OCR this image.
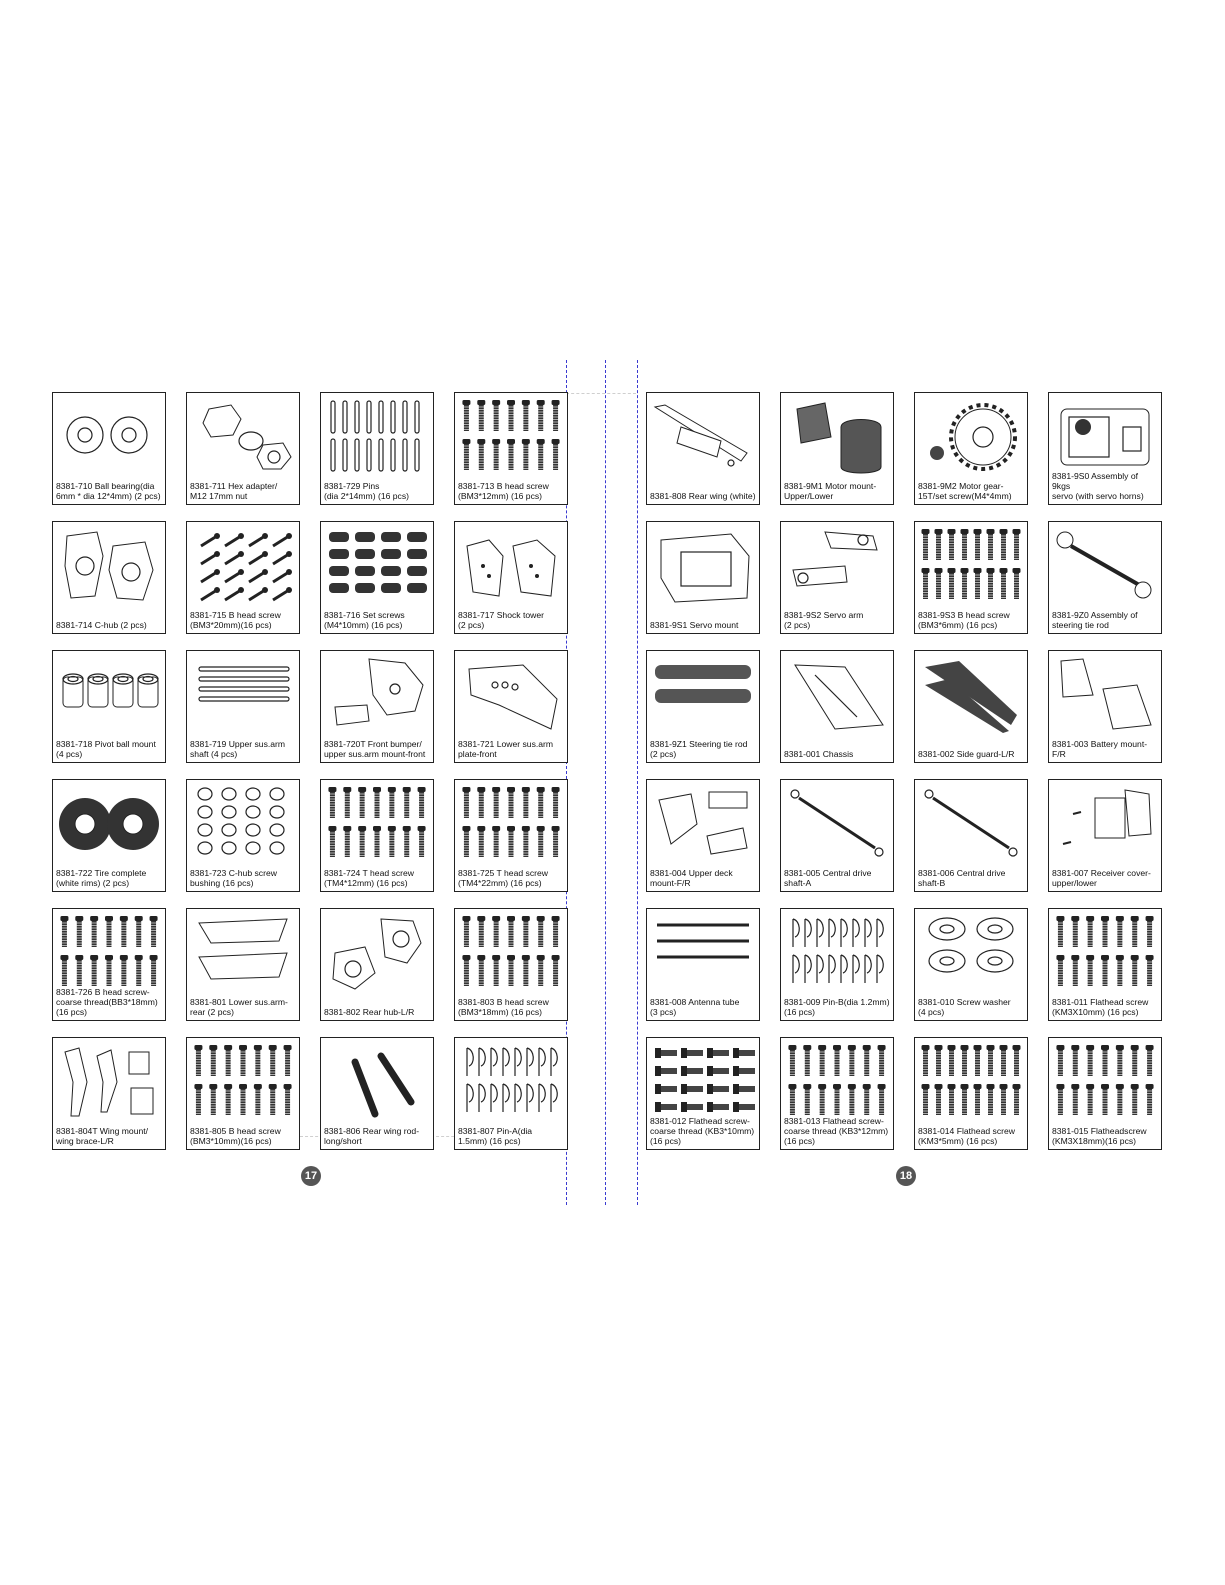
8381-710 Ball bearing(dia
6mm * dia 12*4mm) (2 pcs)
8381-711 Hex adapter/
M12 17mm nut
8381-729 Pins
(dia 2*14mm) (16 pcs)
8381-713 B head screw
(BM3*12mm) (16 pcs)
8381-714 C-hub (2 pcs)
8381-715 B head screw
(BM3*20mm)(16 pcs)
8381-716 Set screws
(M4*10mm) (16 pcs)
8381-717 Shock tower
(2 pcs)
8381-718 Pivot ball mount
(4 pcs)
8381-719 Upper sus.arm
shaft (4 pcs)
8381-720T Front bumper/
upper sus.arm mount-front
8381-721 Lower sus.arm
plate-front
8381-722 Tire complete
(white rims) (2 pcs)
8381-723 C-hub screw
bushing (16 pcs)
8381-724 T head screw
(TM4*12mm) (16 pcs)
8381-725 T head screw
(TM4*22mm) (16 pcs)
8381-726 B head screw-
coarse thread(BB3*18mm)
(16 pcs)
8381-801 Lower sus.arm-
rear (2 pcs)	8381-802 Rear hub-L/R
8381-803 B head screw
(BM3*18mm) (16 pcs)
8381-804T Wing mount/
wing brace-L/R
8381-805 B head screw
(BM3*10mm)(16 pcs)
8381-806 Rear wing rod-
long/short
8381-807 Pin-A(dia
1.5mm) (16 pcs)
8381-808 Rear wing (white)
8381-9M1 Motor mount-
Upper/Lower
8381-9M2 Motor gear-
15T/set screw(M4*4mm)
8381-9S0 Assembly of 9kgs
servo (with servo horns)
8381-9S1 Servo mount
8381-9S2 Servo arm
(2 pcs)
8381-9S3 B head screw
(BM3*6mm) (16 pcs)
8381-9Z0 Assembly of
steering tie rod
8381-9Z1 Steering tie rod
(2 pcs)	8381-001 Chassis	8381-002 Side guard-L/R
8381-003 Battery mount-
F/R
8381-004 Upper deck
mount-F/R
8381-005 Central drive
shaft-A
8381-006 Central drive
shaft-B
8381-007 Receiver cover-
upper/lower
8381-008 Antenna tube
(3 pcs)
8381-009 Pin-B(dia 1.2mm)
(16 pcs)
8381-010 Screw washer
(4 pcs)
8381-011 Flathead screw
(KM3X10mm) (16 pcs)
8381-012 Flathead screw-
coarse thread (KB3*10mm)
(16 pcs)
8381-013 Flathead screw-
coarse thread (KB3*12mm)
(16 pcs)
8381-014 Flathead screw
(KM3*5mm) (16 pcs)
8381-015 Flatheadscrew
(KM3X18mm)(16 pcs)
17	18
